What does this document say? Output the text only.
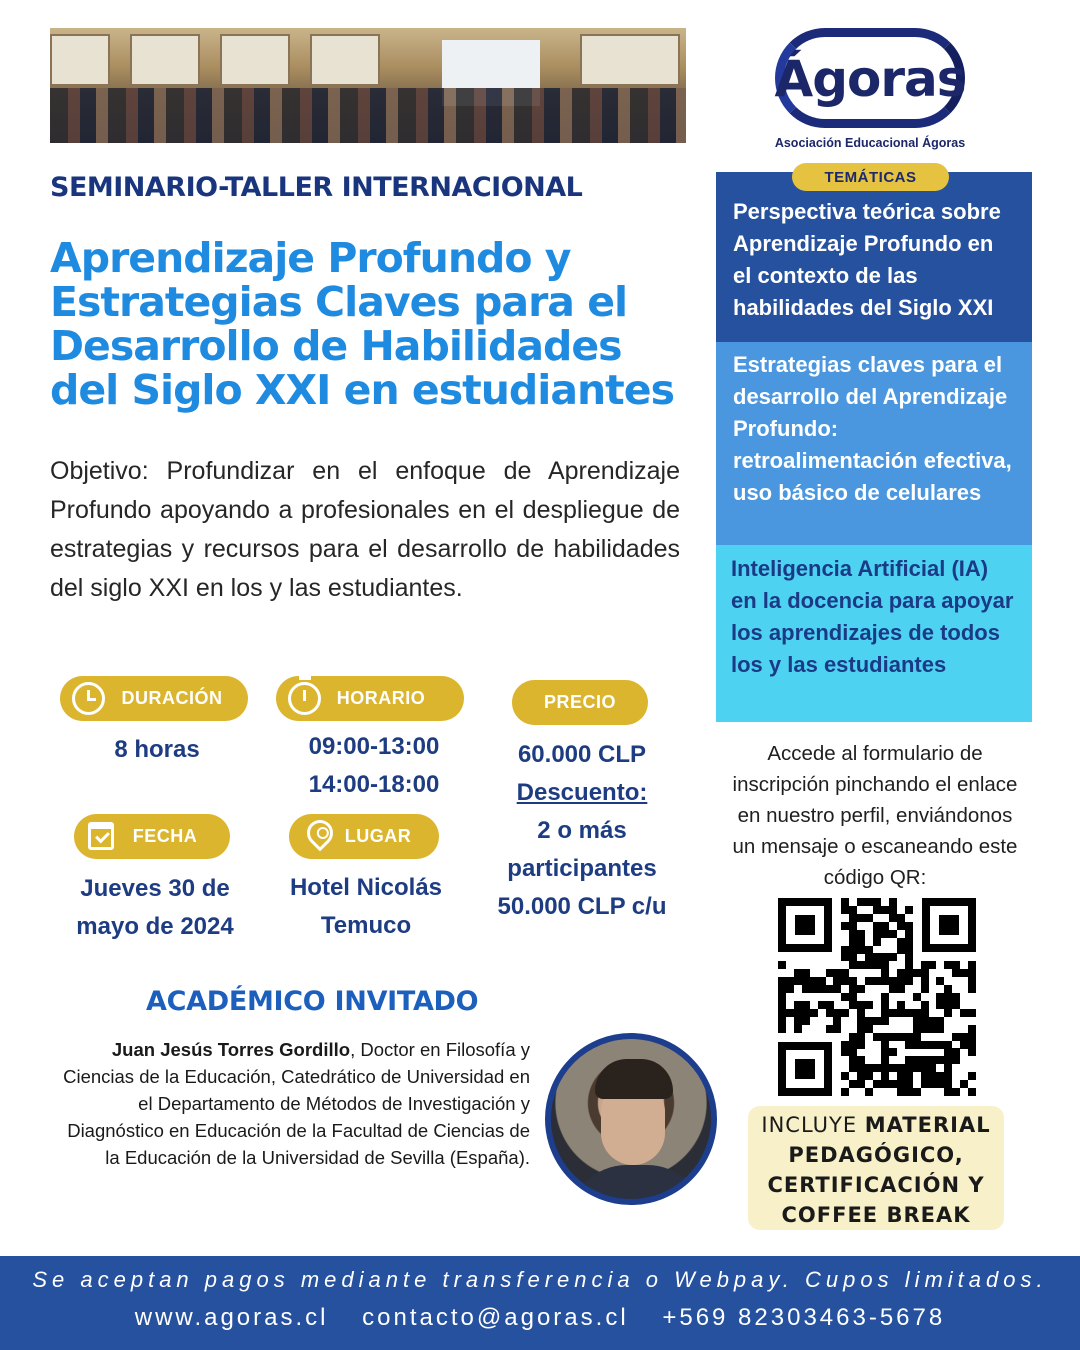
Ágoras
Asociación Educacional Ágoras
SEMINARIO-TALLER INTERNACIONAL
Aprendizaje Profundo y
Estrategias Claves para el
Desarrollo de Habilidades
del Siglo XXI en estudiantes
Objetivo: Profundizar en el enfoque de Aprendizaje Profundo apoyando a profesionales en el despliegue de estrategias y recursos para el desarrollo de habilidades del siglo XXI en los y las estudiantes.
DURACIÓN
8 horas
HORARIO
09:00-13:00
14:00-18:00
PRECIO
60.000 CLP
Descuento:
2 o más
participantes
50.000 CLP c/u
FECHA
Jueves 30 de
mayo de 2024
LUGAR
Hotel Nicolás
Temuco
TEMÁTICAS
Perspectiva teórica sobre Aprendizaje Profundo en el contexto de las habilidades del Siglo XXI
Estrategias claves para el desarrollo del Aprendizaje Profundo: retroalimentación efectiva, uso básico de celulares
Inteligencia Artificial (IA) en la docencia para apoyar los aprendizajes de todos los y las estudiantes
Accede al formulario de inscripción pinchando el enlace en nuestro perfil, enviándonos un mensaje o escaneando este código QR:
INCLUYE MATERIAL PEDAGÓGICO, CERTIFICACIÓN Y COFFEE BREAK
ACADÉMICO INVITADO
Juan Jesús Torres Gordillo, Doctor en Filosofía y Ciencias de la Educación, Catedrático de Universidad en el Departamento de Métodos de Investigación y Diagnóstico en Educación de la Facultad de Ciencias de la Educación de la Universidad de Sevilla (España).
Se aceptan pagos mediante transferencia o Webpay. Cupos limitados.
www.agoras.cl contacto@agoras.cl +569 82303463-5678
